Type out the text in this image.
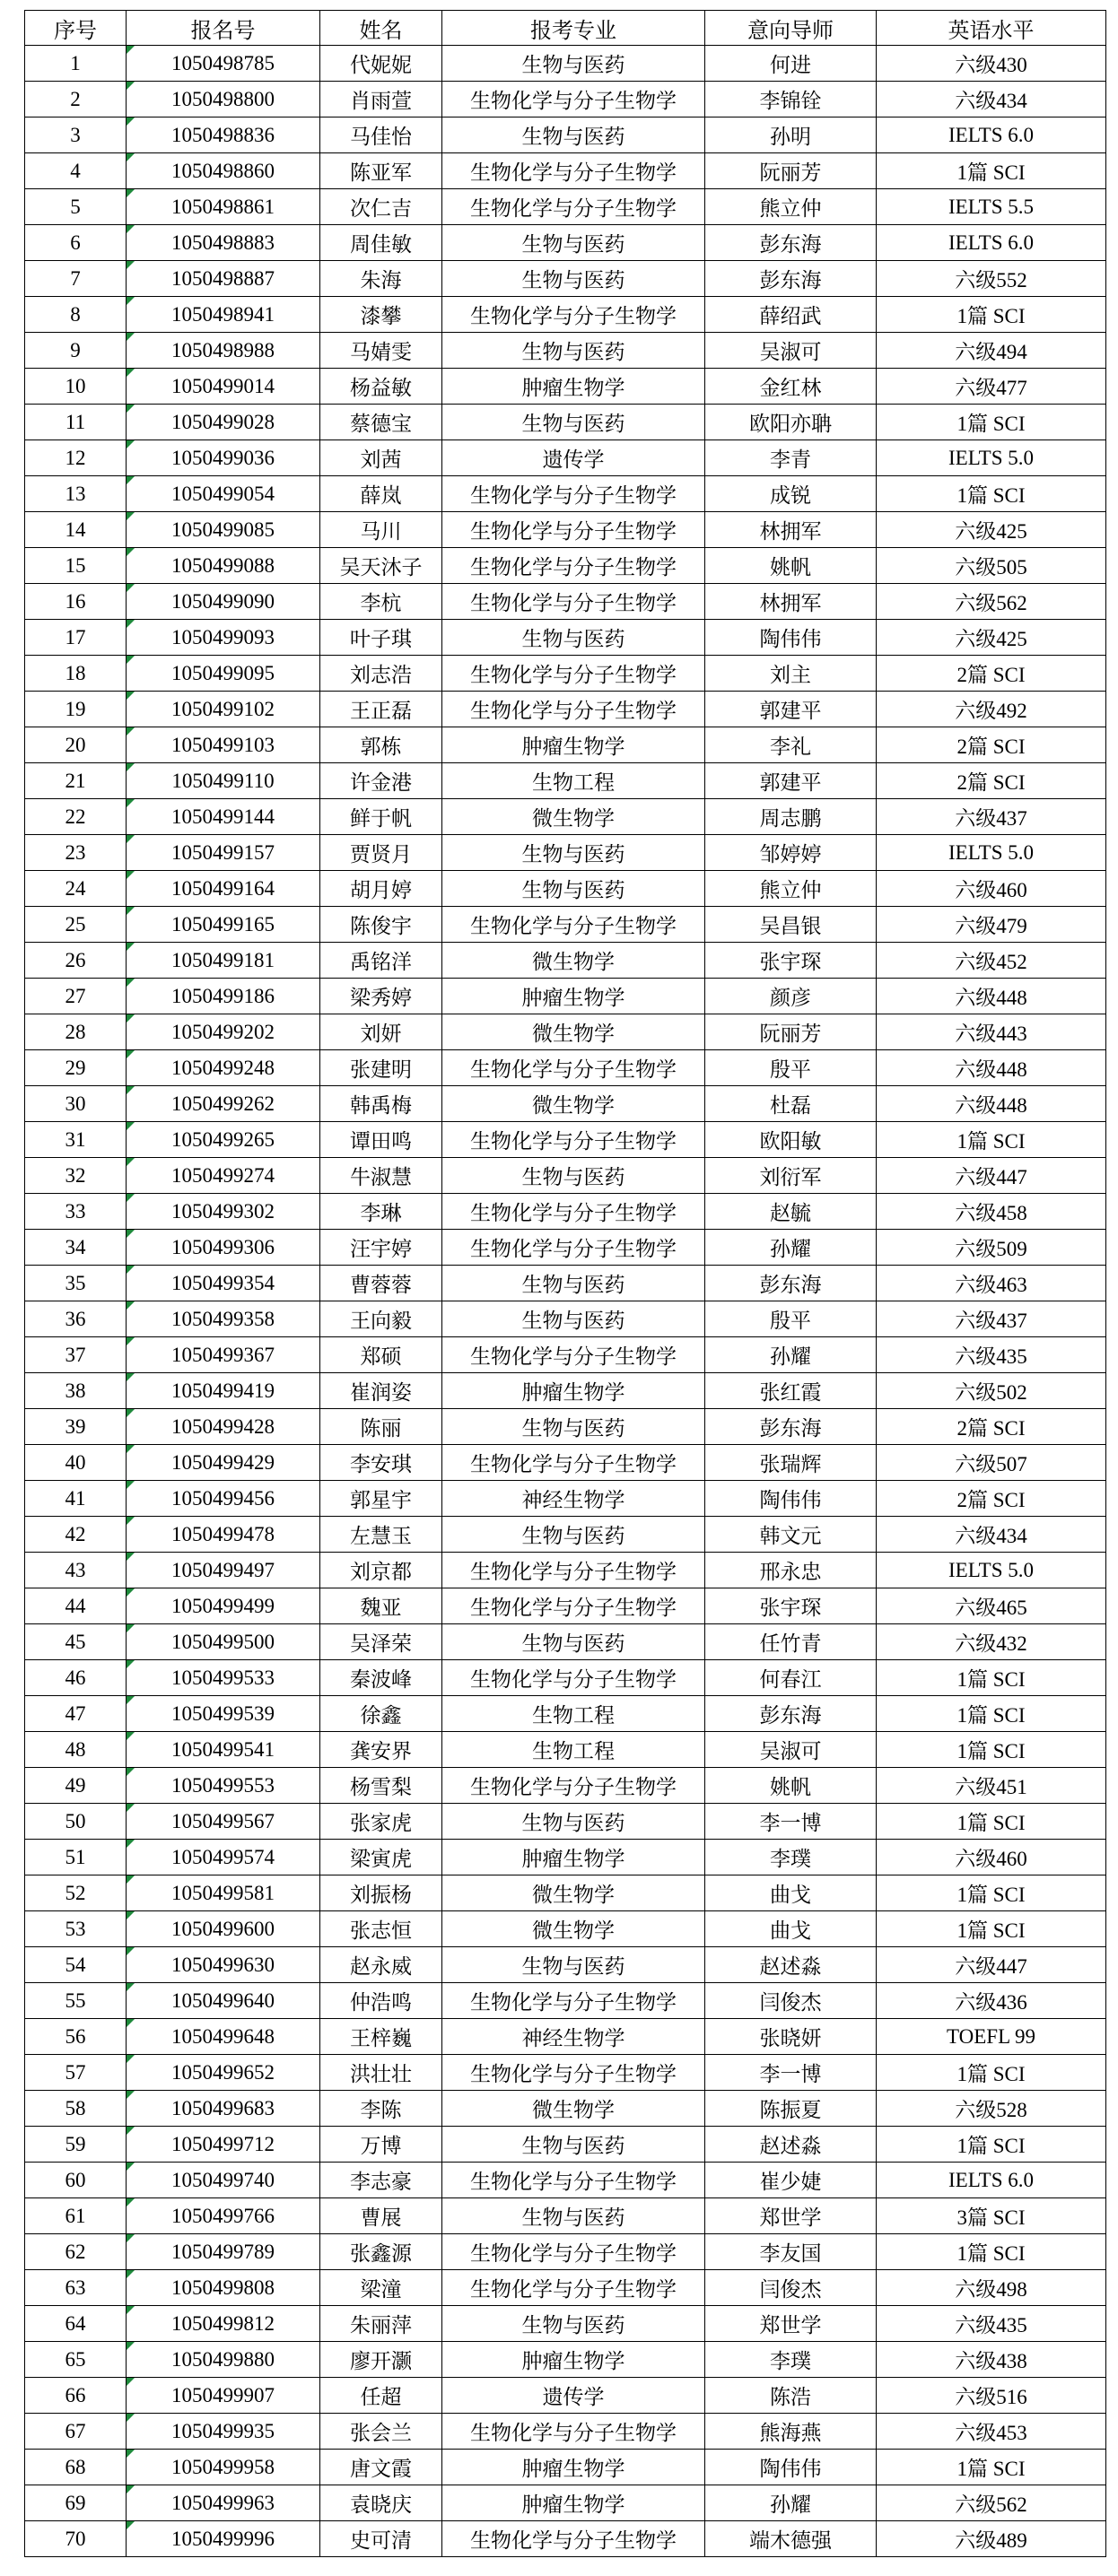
序号	报名号	姓名	报考专业	意向导师	英语水平
1	1050498785	代妮妮	生物与医药	何进	六级430
2	1050498800	肖雨萱	生物化学与分子生物学	李锦铨	六级434
3	1050498836	马佳怡	生物与医药	孙明	IELTS 6.0
4	1050498860	陈亚军	生物化学与分子生物学	阮丽芳	1篇 SCI
5	1050498861	次仁吉	生物化学与分子生物学	熊立仲	IELTS 5.5
6	1050498883	周佳敏	生物与医药	彭东海	IELTS 6.0
7	1050498887	朱海	生物与医药	彭东海	六级552
8	1050498941	漆攀	生物化学与分子生物学	薛绍武	1篇 SCI
9	1050498988	马婧雯	生物与医药	吴淑可	六级494
10	1050499014	杨益敏	肿瘤生物学	金红林	六级477
11	1050499028	蔡德宝	生物与医药	欧阳亦聃	1篇 SCI
12	1050499036	刘茜	遗传学	李青	IELTS 5.0
13	1050499054	薛岚	生物化学与分子生物学	成锐	1篇 SCI
14	1050499085	马川	生物化学与分子生物学	林拥军	六级425
15	1050499088	吴天沐子	生物化学与分子生物学	姚帆	六级505
16	1050499090	李杭	生物化学与分子生物学	林拥军	六级562
17	1050499093	叶子琪	生物与医药	陶伟伟	六级425
18	1050499095	刘志浩	生物化学与分子生物学	刘主	2篇 SCI
19	1050499102	王正磊	生物化学与分子生物学	郭建平	六级492
20	1050499103	郭栋	肿瘤生物学	李礼	2篇 SCI
21	1050499110	许金港	生物工程	郭建平	2篇 SCI
22	1050499144	鲜于帆	微生物学	周志鹏	六级437
23	1050499157	贾贤月	生物与医药	邹婷婷	IELTS 5.0
24	1050499164	胡月婷	生物与医药	熊立仲	六级460
25	1050499165	陈俊宇	生物化学与分子生物学	吴昌银	六级479
26	1050499181	禹铭洋	微生物学	张宇琛	六级452
27	1050499186	梁秀婷	肿瘤生物学	颜彦	六级448
28	1050499202	刘妍	微生物学	阮丽芳	六级443
29	1050499248	张建明	生物化学与分子生物学	殷平	六级448
30	1050499262	韩禹梅	微生物学	杜磊	六级448
31	1050499265	谭田鸣	生物化学与分子生物学	欧阳敏	1篇 SCI
32	1050499274	牛淑慧	生物与医药	刘衍军	六级447
33	1050499302	李琳	生物化学与分子生物学	赵毓	六级458
34	1050499306	汪宇婷	生物化学与分子生物学	孙耀	六级509
35	1050499354	曹蓉蓉	生物与医药	彭东海	六级463
36	1050499358	王向毅	生物与医药	殷平	六级437
37	1050499367	郑硕	生物化学与分子生物学	孙耀	六级435
38	1050499419	崔润姿	肿瘤生物学	张红霞	六级502
39	1050499428	陈丽	生物与医药	彭东海	2篇 SCI
40	1050499429	李安琪	生物化学与分子生物学	张瑞辉	六级507
41	1050499456	郭星宇	神经生物学	陶伟伟	2篇 SCI
42	1050499478	左慧玉	生物与医药	韩文元	六级434
43	1050499497	刘京都	生物化学与分子生物学	邢永忠	IELTS 5.0
44	1050499499	魏亚	生物化学与分子生物学	张宇琛	六级465
45	1050499500	吴泽荣	生物与医药	任竹青	六级432
46	1050499533	秦波峰	生物化学与分子生物学	何春江	1篇 SCI
47	1050499539	徐鑫	生物工程	彭东海	1篇 SCI
48	1050499541	龚安界	生物工程	吴淑可	1篇 SCI
49	1050499553	杨雪梨	生物化学与分子生物学	姚帆	六级451
50	1050499567	张家虎	生物与医药	李一博	1篇 SCI
51	1050499574	梁寅虎	肿瘤生物学	李璞	六级460
52	1050499581	刘振杨	微生物学	曲戈	1篇 SCI
53	1050499600	张志恒	微生物学	曲戈	1篇 SCI
54	1050499630	赵永威	生物与医药	赵述淼	六级447
55	1050499640	仲浩鸣	生物化学与分子生物学	闫俊杰	六级436
56	1050499648	王梓巍	神经生物学	张晓妍	TOEFL 99
57	1050499652	洪壮壮	生物化学与分子生物学	李一博	1篇 SCI
58	1050499683	李陈	微生物学	陈振夏	六级528
59	1050499712	万博	生物与医药	赵述淼	1篇 SCI
60	1050499740	李志豪	生物化学与分子生物学	崔少婕	IELTS 6.0
61	1050499766	曹展	生物与医药	郑世学	3篇 SCI
62	1050499789	张鑫源	生物化学与分子生物学	李友国	1篇 SCI
63	1050499808	梁潼	生物化学与分子生物学	闫俊杰	六级498
64	1050499812	朱丽萍	生物与医药	郑世学	六级435
65	1050499880	廖开灏	肿瘤生物学	李璞	六级438
66	1050499907	任超	遗传学	陈浩	六级516
67	1050499935	张会兰	生物化学与分子生物学	熊海燕	六级453
68	1050499958	唐文霞	肿瘤生物学	陶伟伟	1篇 SCI
69	1050499963	袁晓庆	肿瘤生物学	孙耀	六级562
70	1050499996	史可清	生物化学与分子生物学	端木德强	六级489
